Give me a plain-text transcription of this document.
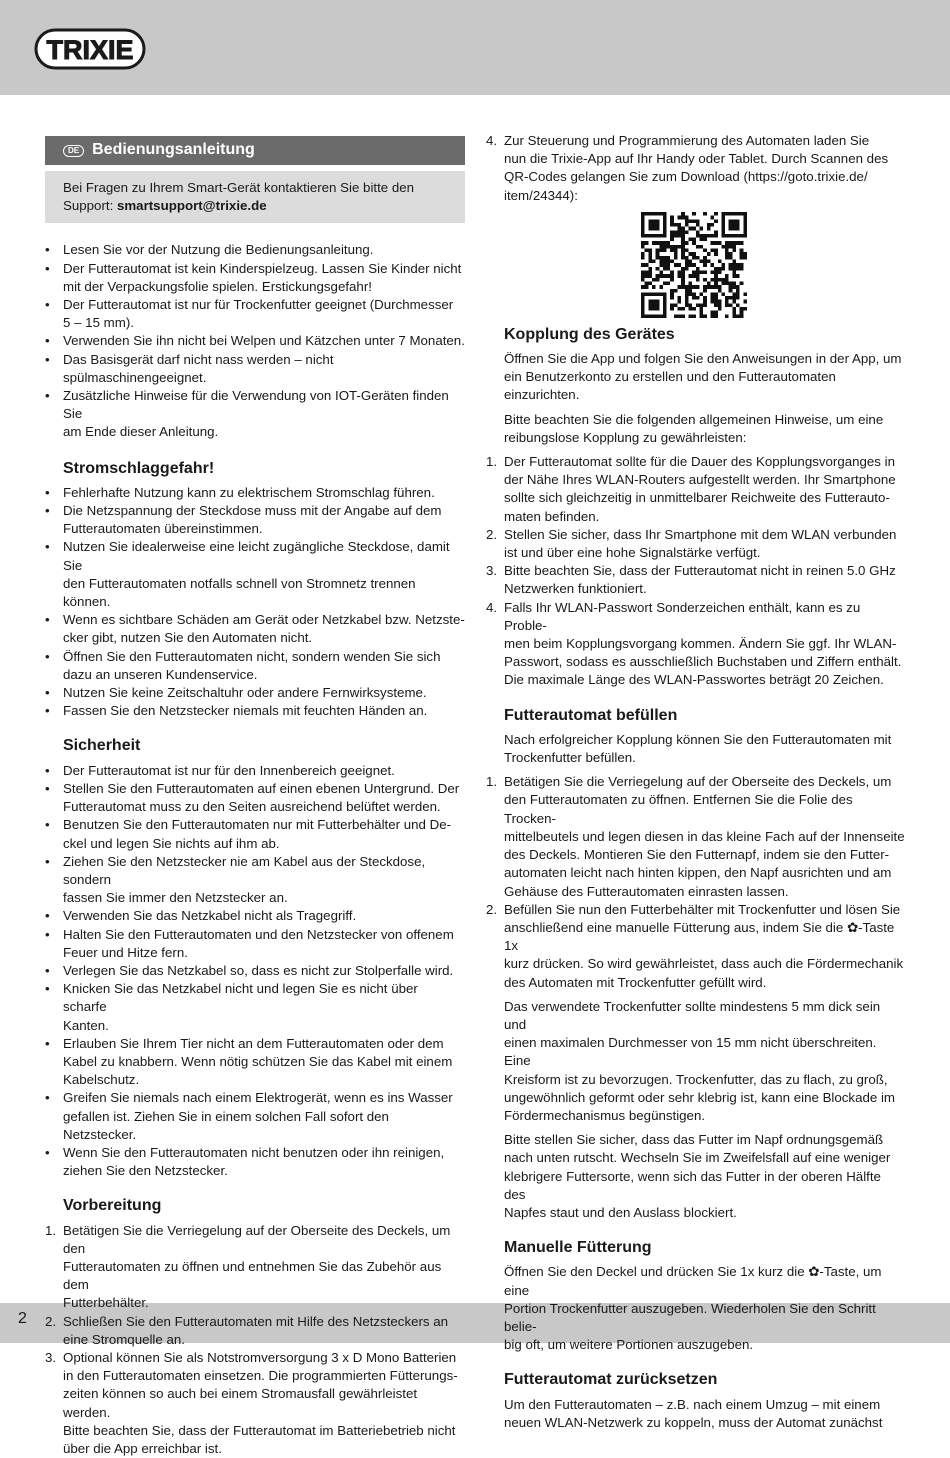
TRIXIE
2
DE Bedienungsanleitung
Bei Fragen zu Ihrem Smart-Gerät kontaktieren Sie bitte den
Support: smartsupport@trixie.de
• Lesen Sie vor der Nutzung die Bedienungsanleitung.
• Der Futterautomat ist kein Kinderspielzeug. Lassen Sie Kinder nicht
mit der Verpackungsfolie spielen. Erstickungsgefahr!
• Der Futterautomat ist nur für Trockenfutter geeignet (Durchmesser
5 – 15 mm).
• Verwenden Sie ihn nicht bei Welpen und Kätzchen unter 7 Monaten.
• Das Basisgerät darf nicht nass werden – nicht spülmaschinengeeignet.
• Zusätzliche Hinweise für die Verwendung von IOT-Geräten finden Sie
am Ende dieser Anleitung.
Stromschlaggefahr!
• Fehlerhafte Nutzung kann zu elektrischem Stromschlag führen.
• Die Netzspannung der Steckdose muss mit der Angabe auf dem
Futterautomaten übereinstimmen.
• Nutzen Sie idealerweise eine leicht zugängliche Steckdose, damit Sie
den Futterautomaten notfalls schnell von Stromnetz trennen können.
• Wenn es sichtbare Schäden am Gerät oder Netzkabel bzw. Netzste-
cker gibt, nutzen Sie den Automaten nicht.
• Öffnen Sie den Futterautomaten nicht, sondern wenden Sie sich
dazu an unseren Kundenservice.
• Nutzen Sie keine Zeitschaltuhr oder andere Fernwirksysteme.
• Fassen Sie den Netzstecker niemals mit feuchten Händen an.
Sicherheit
• Der Futterautomat ist nur für den Innenbereich geeignet.
• Stellen Sie den Futterautomaten auf einen ebenen Untergrund. Der
Futterautomat muss zu den Seiten ausreichend belüftet werden.
• Benutzen Sie den Futterautomaten nur mit Futterbehälter und De-
ckel und legen Sie nichts auf ihm ab.
• Ziehen Sie den Netzstecker nie am Kabel aus der Steckdose, sondern
fassen Sie immer den Netzstecker an.
• Verwenden Sie das Netzkabel nicht als Tragegriff.
• Halten Sie den Futterautomaten und den Netzstecker von offenem
Feuer und Hitze fern.
• Verlegen Sie das Netzkabel so, dass es nicht zur Stolperfalle wird.
• Knicken Sie das Netzkabel nicht und legen Sie es nicht über scharfe
Kanten.
• Erlauben Sie Ihrem Tier nicht an dem Futterautomaten oder dem
Kabel zu knabbern. Wenn nötig schützen Sie das Kabel mit einem
Kabelschutz.
• Greifen Sie niemals nach einem Elektrogerät, wenn es ins Wasser
gefallen ist. Ziehen Sie in einem solchen Fall sofort den Netzstecker.
• Wenn Sie den Futterautomaten nicht benutzen oder ihn reinigen,
ziehen Sie den Netzstecker.
Vorbereitung
1. Betätigen Sie die Verriegelung auf der Oberseite des Deckels, um den
Futterautomaten zu öffnen und entnehmen Sie das Zubehör aus dem
Futterbehälter.
2. Schließen Sie den Futterautomaten mit Hilfe des Netzsteckers an
eine Stromquelle an.
3. Optional können Sie als Notstromversorgung 3 x D Mono Batterien
in den Futterautomaten einsetzen. Die programmierten Fütterungs-
zeiten können so auch bei einem Stromausfall gewährleistet werden.
Bitte beachten Sie, dass der Futterautomat im Batteriebetrieb nicht
über die App erreichbar ist.
4. Zur Steuerung und Programmierung des Automaten laden Sie
nun die Trixie-App auf Ihr Handy oder Tablet. Durch Scannen des
QR-Codes gelangen Sie zum Download (https://goto.trixie.de/
item/24344):
Kopplung des Gerätes

Öffnen Sie die App und folgen Sie den Anweisungen in der App, um
ein Benutzerkonto zu erstellen und den Futterautomaten einzurichten.

Bitte beachten Sie die folgenden allgemeinen Hinweise, um eine
reibungslose Kopplung zu gewährleisten:

1. Der Futterautomat sollte für die Dauer des Kopplungsvorganges in
der Nähe Ihres WLAN-Routers aufgestellt werden. Ihr Smartphone
sollte sich gleichzeitig in unmittelbarer Reichweite des Futterauto-
maten befinden.
2. Stellen Sie sicher, dass Ihr Smartphone mit dem WLAN verbunden
ist und über eine hohe Signalstärke verfügt.
3. Bitte beachten Sie, dass der Futterautomat nicht in reinen 5.0 GHz
Netzwerken funktioniert.
4. Falls Ihr WLAN-Passwort Sonderzeichen enthält, kann es zu Proble-
men beim Kopplungsvorgang kommen. Ändern Sie ggf. Ihr WLAN-
Passwort, sodass es ausschließlich Buchstaben und Ziffern enthält.
Die maximale Länge des WLAN-Passwortes beträgt 20 Zeichen.
Futterautomat befüllen

Nach erfolgreicher Kopplung können Sie den Futterautomaten mit
Trockenfutter befüllen.

1. Betätigen Sie die Verriegelung auf der Oberseite des Deckels, um
den Futterautomaten zu öffnen. Entfernen Sie die Folie des Trocken-
mittelbeutels und legen diesen in das kleine Fach auf der Innenseite
des Deckels. Montieren Sie den Futternapf, indem sie den Futter-
automaten leicht nach hinten kippen, den Napf ausrichten und am
Gehäuse des Futterautomaten einrasten lassen.
2. Befüllen Sie nun den Futterbehälter mit Trockenfutter und lösen Sie
anschließend eine manuelle Fütterung aus, indem Sie die ✿-Taste 1x
kurz drücken. So wird gewährleistet, dass auch die Fördermechanik
des Automaten mit Trockenfutter gefüllt wird.

Das verwendete Trockenfutter sollte mindestens 5 mm dick sein und
einen maximalen Durchmesser von 15 mm nicht überschreiten. Eine
Kreisform ist zu bevorzugen. Trockenfutter, das zu flach, zu groß,
ungewöhnlich geformt oder sehr klebrig ist, kann eine Blockade im
Fördermechanismus begünstigen.

Bitte stellen Sie sicher, dass das Futter im Napf ordnungsgemäß
nach unten rutscht. Wechseln Sie im Zweifelsfall auf eine weniger
klebrigere Futtersorte, wenn sich das Futter in der oberen Hälfte des
Napfes staut und den Auslass blockiert.

Manuelle Fütterung

Öffnen Sie den Deckel und drücken Sie 1x kurz die ✿-Taste, um eine
Portion Trockenfutter auszugeben. Wiederholen Sie den Schritt belie-
big oft, um weitere Portionen auszugeben.

Futterautomat zurücksetzen

Um den Futterautomaten – z.B. nach einem Umzug – mit einem
neuen WLAN-Netzwerk zu koppeln, muss der Automat zunächst
